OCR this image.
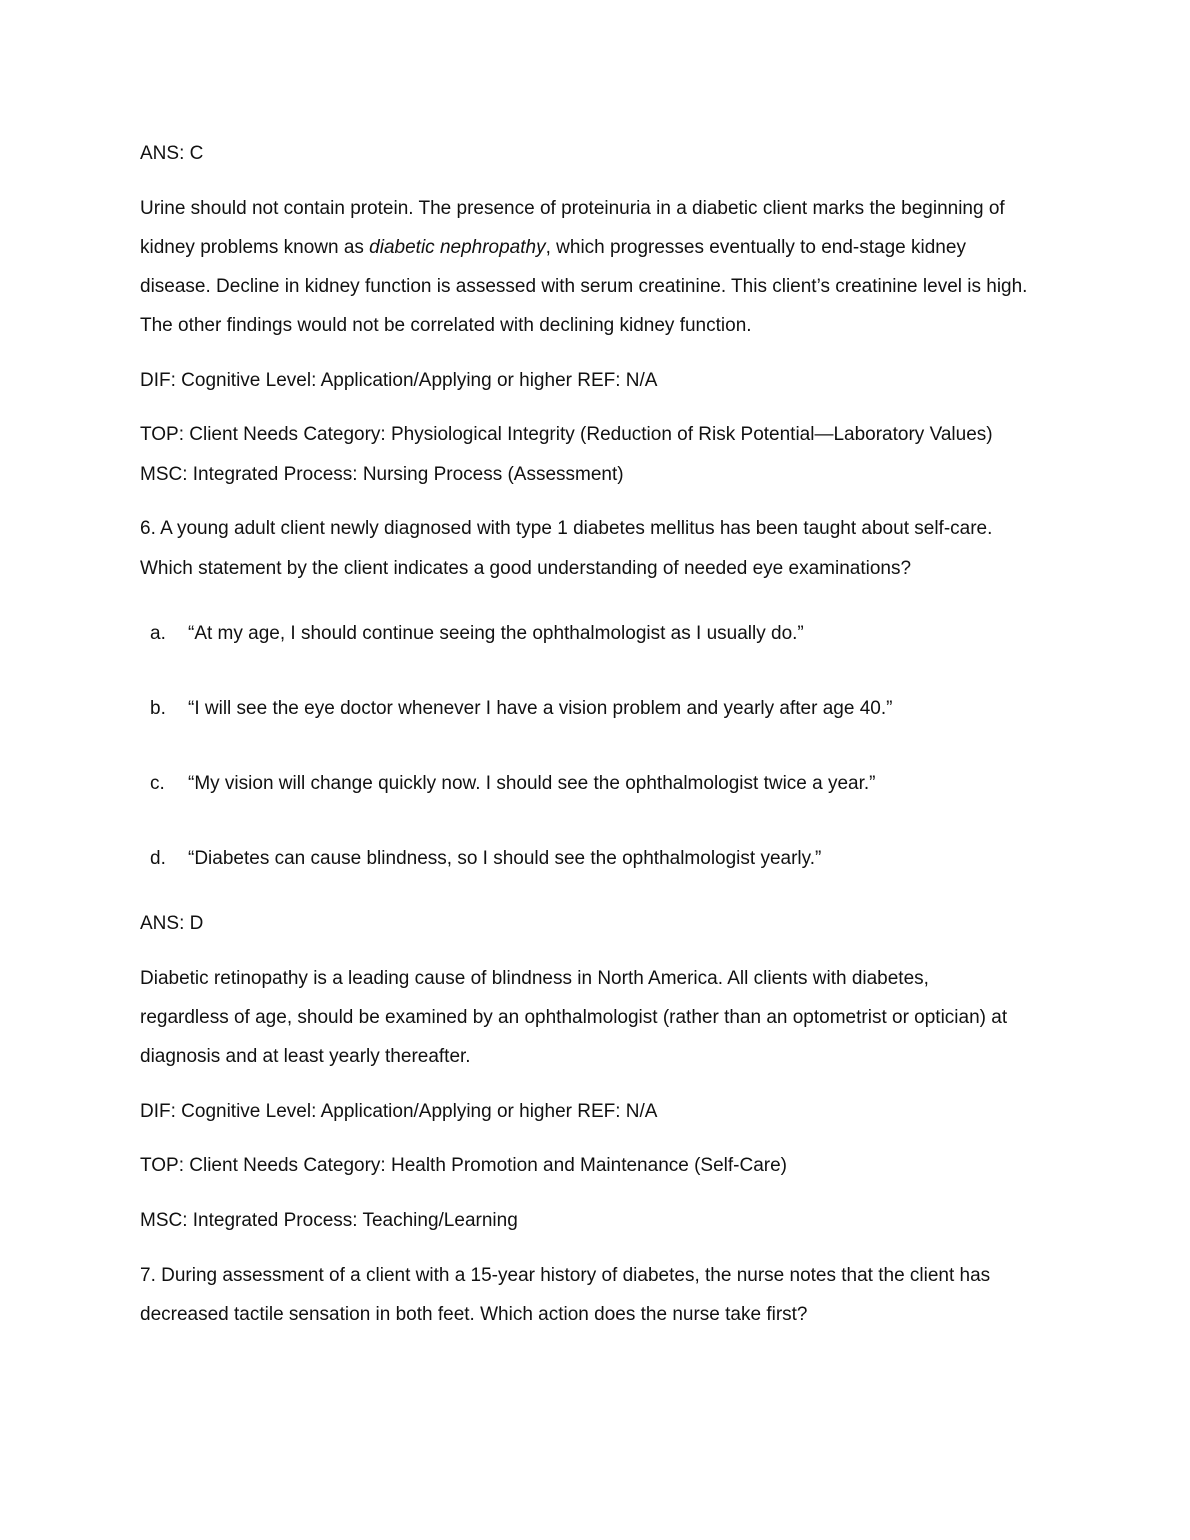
ANS: C
Urine should not contain protein. The presence of proteinuria in a diabetic client marks the beginning of
kidney problems known as diabetic nephropathy, which progresses eventually to end-stage kidney
disease. Decline in kidney function is assessed with serum creatinine. This client’s creatinine level is high.
The other findings would not be correlated with declining kidney function.
DIF: Cognitive Level: Application/Applying or higher REF: N/A
TOP: Client Needs Category: Physiological Integrity (Reduction of Risk Potential—Laboratory Values)
MSC: Integrated Process: Nursing Process (Assessment)
6. A young adult client newly diagnosed with type 1 diabetes mellitus has been taught about self-care.
Which statement by the client indicates a good understanding of needed eye examinations?
a. “At my age, I should continue seeing the ophthalmologist as I usually do.”
b. “I will see the eye doctor whenever I have a vision problem and yearly after age 40.”
c. “My vision will change quickly now. I should see the ophthalmologist twice a year.”
d. “Diabetes can cause blindness, so I should see the ophthalmologist yearly.”
ANS: D
Diabetic retinopathy is a leading cause of blindness in North America. All clients with diabetes,
regardless of age, should be examined by an ophthalmologist (rather than an optometrist or optician) at
diagnosis and at least yearly thereafter.
DIF: Cognitive Level: Application/Applying or higher REF: N/A
TOP: Client Needs Category: Health Promotion and Maintenance (Self-Care)
MSC: Integrated Process: Teaching/Learning
7. During assessment of a client with a 15-year history of diabetes, the nurse notes that the client has
decreased tactile sensation in both feet. Which action does the nurse take first?
